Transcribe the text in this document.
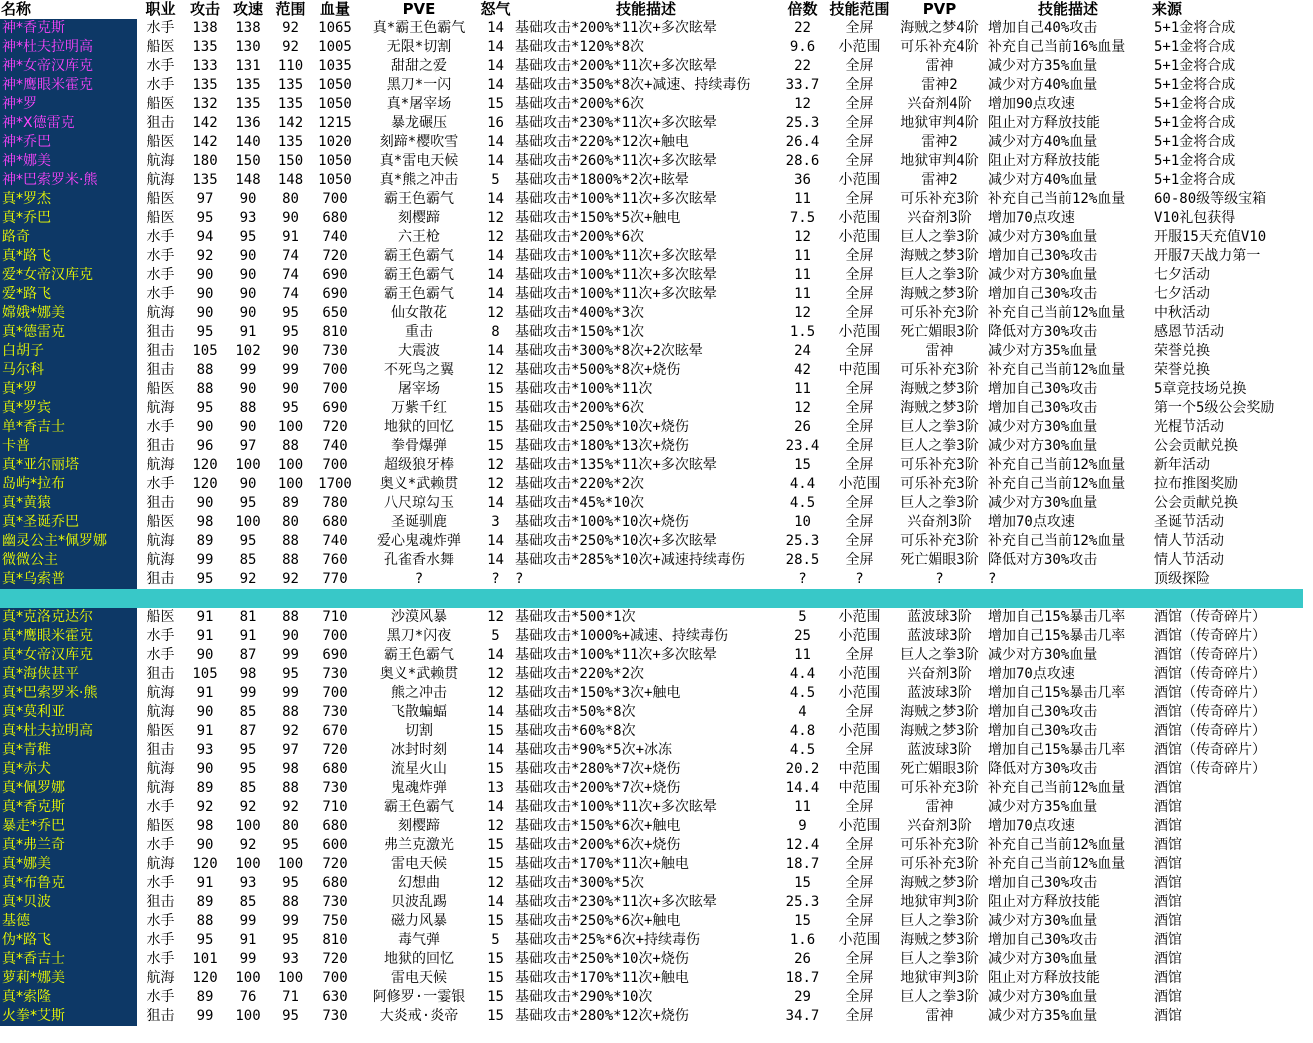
名称	职业	攻击	攻速	范围	血量	PVE	怒气	技能描述	倍数	技能范围	PVP	技能描述	来源
神*香克斯	水手	138	138	92	1065	真*霸王色霸气	14	基础攻击*200%*11次+多次眩晕	22	全屏	海贼之梦4阶	增加自己40%攻击	5+1金将合成
神*杜夫拉明高	船医	135	130	92	1005	无限*切割	14	基础攻击*120%*8次	9.6	小范围	可乐补充4阶	补充自己当前16%血量	5+1金将合成
神*女帝汉库克	水手	133	131	110	1035	甜甜之爱	14	基础攻击*200%*11次+多次眩晕	22	全屏	雷神	减少对方35%血量	5+1金将合成
神*鹰眼米霍克	水手	135	135	135	1050	黑刀*一闪	14	基础攻击*350%*8次+减速、持续毒伤	33.7	全屏	雷神2	减少对方40%血量	5+1金将合成
神*罗	船医	132	135	135	1050	真*屠宰场	15	基础攻击*200%*6次	12	全屏	兴奋剂4阶	增加90点攻速	5+1金将合成
神*X德雷克	狙击	142	136	142	1215	暴龙碾压	16	基础攻击*230%*11次+多次眩晕	25.3	全屏	地狱审判4阶	阻止对方释放技能	5+1金将合成
神*乔巴	船医	142	140	135	1020	刻蹄*樱吹雪	14	基础攻击*220%*12次+触电	26.4	全屏	雷神2	减少对方40%血量	5+1金将合成
神*娜美	航海	180	150	150	1050	真*雷电天候	14	基础攻击*260%*11次+多次眩晕	28.6	全屏	地狱审判4阶	阻止对方释放技能	5+1金将合成
神*巴索罗米·熊	航海	135	148	148	1050	真*熊之冲击	5	基础攻击*1800%*2次+眩晕	36	小范围	雷神2	减少对方40%血量	5+1金将合成
真*罗杰	船医	97	90	80	700	霸王色霸气	14	基础攻击*100%*11次+多次眩晕	11	全屏	可乐补充3阶	补充自己当前12%血量	60-80级等级宝箱
真*乔巴	船医	95	93	90	680	刻樱蹄	12	基础攻击*150%*5次+触电	7.5	小范围	兴奋剂3阶	增加70点攻速	V10礼包获得
路奇	水手	94	95	91	740	六王枪	12	基础攻击*200%*6次	12	小范围	巨人之拳3阶	减少对方30%血量	开服15天充值V10
真*路飞	水手	92	90	74	720	霸王色霸气	14	基础攻击*100%*11次+多次眩晕	11	全屏	海贼之梦3阶	增加自己30%攻击	开服7天战力第一
爱*女帝汉库克	水手	90	90	74	690	霸王色霸气	14	基础攻击*100%*11次+多次眩晕	11	全屏	巨人之拳3阶	减少对方30%血量	七夕活动
爱*路飞	水手	90	90	74	690	霸王色霸气	14	基础攻击*100%*11次+多次眩晕	11	全屏	海贼之梦3阶	增加自己30%攻击	七夕活动
嫦娥*娜美	航海	90	90	95	650	仙女散花	12	基础攻击*400%*3次	12	全屏	可乐补充3阶	补充自己当前12%血量	中秋活动
真*德雷克	狙击	95	91	95	810	重击	8	基础攻击*150%*1次	1.5	小范围	死亡媚眼3阶	降低对方30%攻击	感恩节活动
白胡子	狙击	105	102	90	730	大震波	14	基础攻击*300%*8次+2次眩晕	24	全屏	雷神	减少对方35%血量	荣誉兑换
马尔科	狙击	88	99	99	700	不死鸟之翼	12	基础攻击*500%*8次+烧伤	42	中范围	可乐补充3阶	补充自己当前12%血量	荣誉兑换
真*罗	船医	88	90	90	700	屠宰场	15	基础攻击*100%*11次	11	全屏	海贼之梦3阶	增加自己30%攻击	5章竞技场兑换
真*罗宾	航海	95	88	95	690	万紫千红	15	基础攻击*200%*6次	12	全屏	海贼之梦3阶	增加自己30%攻击	第一个5级公会奖励
单*香吉士	水手	90	90	100	720	地狱的回忆	15	基础攻击*250%*10次+烧伤	26	全屏	巨人之拳3阶	减少对方30%血量	光棍节活动
卡普	狙击	96	97	88	740	拳骨爆弹	15	基础攻击*180%*13次+烧伤	23.4	全屏	巨人之拳3阶	减少对方30%血量	公会贡献兑换
真*亚尔丽塔	航海	120	100	100	700	超级狼牙棒	12	基础攻击*135%*11次+多次眩晕	15	全屏	可乐补充3阶	补充自己当前12%血量	新年活动
岛屿*拉布	水手	120	90	100	1700	奥义*武赖贯	12	基础攻击*220%*2次	4.4	小范围	可乐补充3阶	补充自己当前12%血量	拉布推图奖励
真*黄猿	狙击	90	95	89	780	八尺琼勾玉	14	基础攻击*45%*10次	4.5	全屏	巨人之拳3阶	减少对方30%血量	公会贡献兑换
真*圣诞乔巴	船医	98	100	80	680	圣诞驯鹿	3	基础攻击*100%*10次+烧伤	10	全屏	兴奋剂3阶	增加70点攻速	圣诞节活动
幽灵公主*佩罗娜	航海	89	95	88	740	爱心鬼魂炸弹	14	基础攻击*250%*10次+多次眩晕	25.3	全屏	可乐补充3阶	补充自己当前12%血量	情人节活动
微微公主	航海	99	85	88	760	孔雀香水舞	14	基础攻击*285%*10次+减速持续毒伤	28.5	全屏	死亡媚眼3阶	降低对方30%攻击	情人节活动
真*乌索普	狙击	95	92	92	770	?	?	?	?	?	?	?	顶级探险

真*克洛克达尔	船医	91	81	88	710	沙漠风暴	12	基础攻击*500*1次	5	小范围	蓝波球3阶	增加自己15%暴击几率	酒馆（传奇碎片）
真*鹰眼米霍克	水手	91	91	90	700	黑刀*闪夜	5	基础攻击*1000%+减速、持续毒伤	25	小范围	蓝波球3阶	增加自己15%暴击几率	酒馆（传奇碎片）
真*女帝汉库克	水手	90	87	99	690	霸王色霸气	14	基础攻击*100%*11次+多次眩晕	11	全屏	巨人之拳3阶	减少对方30%血量	酒馆（传奇碎片）
真*海侠甚平	狙击	105	98	95	730	奥义*武赖贯	12	基础攻击*220%*2次	4.4	小范围	兴奋剂3阶	增加70点攻速	酒馆（传奇碎片）
真*巴索罗米·熊	航海	91	99	99	700	熊之冲击	12	基础攻击*150%*3次+触电	4.5	小范围	蓝波球3阶	增加自己15%暴击几率	酒馆（传奇碎片）
真*莫利亚	航海	90	85	88	730	飞散蝙蝠	14	基础攻击*50%*8次	4	全屏	海贼之梦3阶	增加自己30%攻击	酒馆（传奇碎片）
真*杜夫拉明高	船医	91	87	92	670	切割	15	基础攻击*60%*8次	4.8	小范围	海贼之梦3阶	增加自己30%攻击	酒馆（传奇碎片）
真*青稚	狙击	93	95	97	720	冰封时刻	14	基础攻击*90%*5次+冰冻	4.5	全屏	蓝波球3阶	增加自己15%暴击几率	酒馆（传奇碎片）
真*赤犬	航海	90	95	98	680	流星火山	15	基础攻击*280%*7次+烧伤	20.2	中范围	死亡媚眼3阶	降低对方30%攻击	酒馆（传奇碎片）
真*佩罗娜	航海	89	85	88	730	鬼魂炸弹	13	基础攻击*200%*7次+烧伤	14.4	中范围	可乐补充3阶	补充自己当前12%血量	酒馆
真*香克斯	水手	92	92	92	710	霸王色霸气	14	基础攻击*100%*11次+多次眩晕	11	全屏	雷神	减少对方35%血量	酒馆
暴走*乔巴	船医	98	100	80	680	刻樱蹄	12	基础攻击*150%*6次+触电	9	小范围	兴奋剂3阶	增加70点攻速	酒馆
真*弗兰奇	水手	90	92	95	600	弗兰克激光	15	基础攻击*200%*6次+烧伤	12.4	全屏	可乐补充3阶	补充自己当前12%血量	酒馆
真*娜美	航海	120	100	100	720	雷电天候	15	基础攻击*170%*11次+触电	18.7	全屏	可乐补充3阶	补充自己当前12%血量	酒馆
真*布鲁克	水手	91	93	95	680	幻想曲	12	基础攻击*300%*5次	15	全屏	海贼之梦3阶	增加自己30%攻击	酒馆
真*贝波	狙击	89	85	88	730	贝波乱踢	14	基础攻击*230%*11次+多次眩晕	25.3	全屏	地狱审判3阶	阻止对方释放技能	酒馆
基德	水手	88	99	99	750	磁力风暴	15	基础攻击*250%*6次+触电	15	全屏	巨人之拳3阶	减少对方30%血量	酒馆
伪*路飞	水手	95	91	95	810	毒气弹	5	基础攻击*25%*6次+持续毒伤	1.6	小范围	海贼之梦3阶	增加自己30%攻击	酒馆
真*香吉士	水手	101	99	93	720	地狱的回忆	15	基础攻击*250%*10次+烧伤	26	全屏	巨人之拳3阶	减少对方30%血量	酒馆
萝莉*娜美	航海	120	100	100	700	雷电天候	15	基础攻击*170%*11次+触电	18.7	全屏	地狱审判3阶	阻止对方释放技能	酒馆
真*索隆	水手	89	76	71	630	阿修罗·一霎银	15	基础攻击*290%*10次	29	全屏	巨人之拳3阶	减少对方30%血量	酒馆
火拳*艾斯	狙击	99	100	95	730	大炎戒·炎帝	15	基础攻击*280%*12次+烧伤	34.7	全屏	雷神	减少对方35%血量	酒馆
